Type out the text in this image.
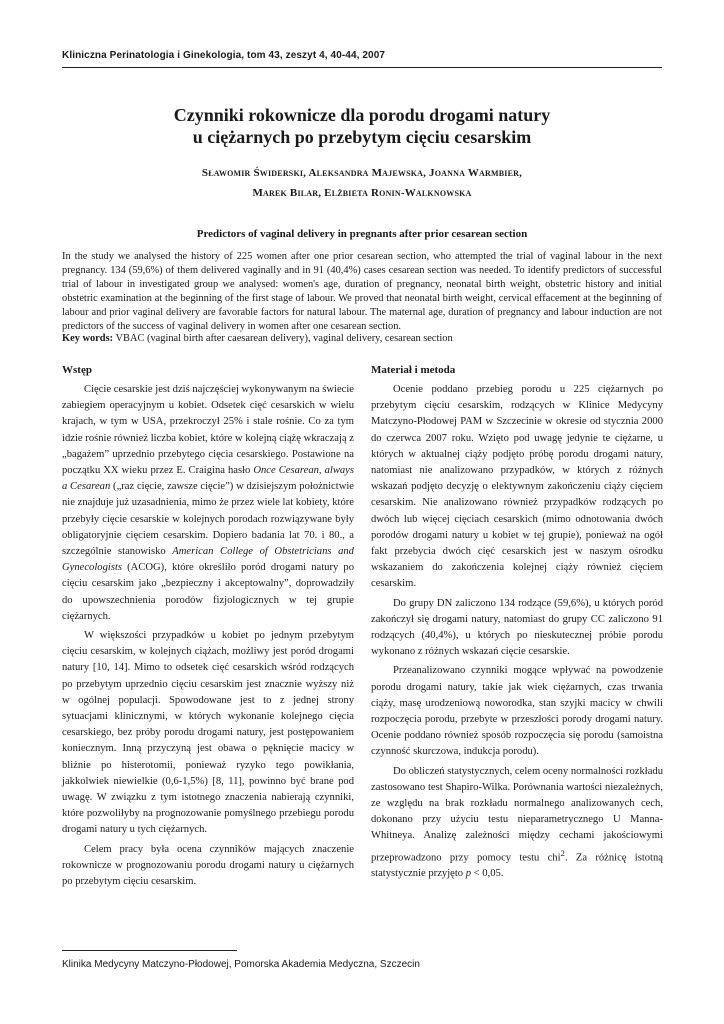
Kliniczna Perinatologia i Ginekologia, tom 43, zeszyt 4, 40-44, 2007
Czynniki rokownicze dla porodu drogami natury
u ciężarnych po przebytym cięciu cesarskim
Sławomir Świderski, Aleksandra Majewska, Joanna Warmbier,
Marek Bilar, Elżbieta Ronin-Walknowska
Predictors of vaginal delivery in pregnants after prior cesarean section
In the study we analysed the history of 225 women after one prior cesarean section, who attempted the trial of vaginal labour in the next pregnancy. 134 (59,6%) of them delivered vaginally and in 91 (40,4%) cases cesarean section was needed. To identify predictors of successful trial of labour in investigated group we analysed: women's age, duration of pregnancy, neonatal birth weight, obstetric history and initial obstetric examination at the beginning of the first stage of labour. We proved that neonatal birth weight, cervical effacement at the beginning of labour and prior vaginal delivery are favorable factors for natural labour. The maternal age, duration of pregnancy and labour induction are not predictors of the success of vaginal delivery in women after one cesarean section.
Key words: VBAC (vaginal birth after caesarean delivery), vaginal delivery, cesarean section
Wstęp

Cięcie cesarskie jest dziś najczęściej wykonywanym na świecie zabiegiem operacyjnym u kobiet. Odsetek cięć cesarskich w wielu krajach, w tym w USA, przekroczył 25% i stale rośnie. Co za tym idzie rośnie również liczba kobiet, które w kolejną ciążę wkraczają z „bagażem” uprzednio przebytego cięcia cesarskiego. Postawione na początku XX wieku przez E. Craigina hasło Once Cesarean, always a Cesarean („raz cięcie, zawsze cięcie”) w dzisiejszym położnictwie nie znajduje już uzasadnienia, mimo że przez wiele lat kobiety, które przebyły cięcie cesarskie w kolejnych porodach rozwiązywane były obligatoryjnie cięciem cesarskim. Dopiero badania lat 70. i 80., a szczególnie stanowisko American College of Obstetricians and Gynecologists (ACOG), które określiło poród drogami natury po cięciu cesarskim jako „bezpieczny i akceptowalny”, doprowadziły do upowszechnienia porodów fizjologicznych w tej grupie ciężarnych.

W większości przypadków u kobiet po jednym przebytym cięciu cesarskim, w kolejnych ciążach, możliwy jest poród drogami natury [10, 14]. Mimo to odsetek cięć cesarskich wśród rodzących po przebytym uprzednio cięciu cesarskim jest znacznie wyższy niż w ogólnej populacji. Spowodowane jest to z jednej strony sytuacjami klinicznymi, w których wykonanie kolejnego cięcia cesarskiego, bez próby porodu drogami natury, jest postępowaniem koniecznym. Inną przyczyną jest obawa o pęknięcie macicy w bliźnie po histerotomii, ponieważ ryzyko tego powikłania, jakkolwiek niewielkie (0,6-1,5%) [8, 11], powinno być brane pod uwagę. W związku z tym istotnego znaczenia nabierają czynniki, które pozwoliłyby na prognozowanie pomyślnego przebiegu porodu drogami natury u tych ciężarnych.

Celem pracy była ocena czynników mających znaczenie rokownicze w prognozowaniu porodu drogami natury u ciężarnych po przebytym cięciu cesarskim.

Materiał i metoda

Ocenie poddano przebieg porodu u 225 ciężarnych po przebytym cięciu cesarskim, rodzących w Klinice Medycyny Matczyno-Płodowej PAM w Szczecinie w okresie od stycznia 2000 do czerwca 2007 roku. Wzięto pod uwagę jedynie te ciężarne, u których w aktualnej ciąży podjęto próbę porodu drogami natury, natomiast nie analizowano przypadków, w których z różnych wskazań podjęto decyzję o elektywnym zakończeniu ciąży cięciem cesarskim. Nie analizowano również przypadków rodzących po dwóch lub więcej cięciach cesarskich (mimo odnotowania dwóch porodów drogami natury u kobiet w tej grupie), ponieważ na ogół fakt przebycia dwóch cięć cesarskich jest w naszym ośrodku wskazaniem do zakończenia kolejnej ciąży również cięciem cesarskim.

Do grupy DN zaliczono 134 rodzące (59,6%), u których poród zakończył się drogami natury, natomiast do grupy CC zaliczono 91 rodzących (40,4%), u których po nieskutecznej próbie porodu wykonano z różnych wskazań cięcie cesarskie.

Przeanalizowano czynniki mogące wpływać na powodzenie porodu drogami natury, takie jak wiek ciężarnych, czas trwania ciąży, masę urodzeniową noworodka, stan szyjki macicy w chwili rozpoczęcia porodu, przebyte w przeszłości porody drogami natury. Ocenie poddano również sposób rozpoczęcia się porodu (samoistna czynność skurczowa, indukcja porodu).

Do obliczeń statystycznych, celem oceny normalności rozkładu zastosowano test Shapiro-Wilka. Porównania wartości niezależnych, ze względu na brak rozkładu normalnego analizowanych cech, dokonano przy użyciu testu nieparametrycznego U Manna-Whitneya. Analizę zależności między cechami jakościowymi przeprowadzono przy pomocy testu chi$^2$. Za różnicę istotną statystycznie przyjęto p < 0,05.

Klinika Medycyny Matczyno-Płodowej, Pomorska Akademia Medyczna, Szczecin
